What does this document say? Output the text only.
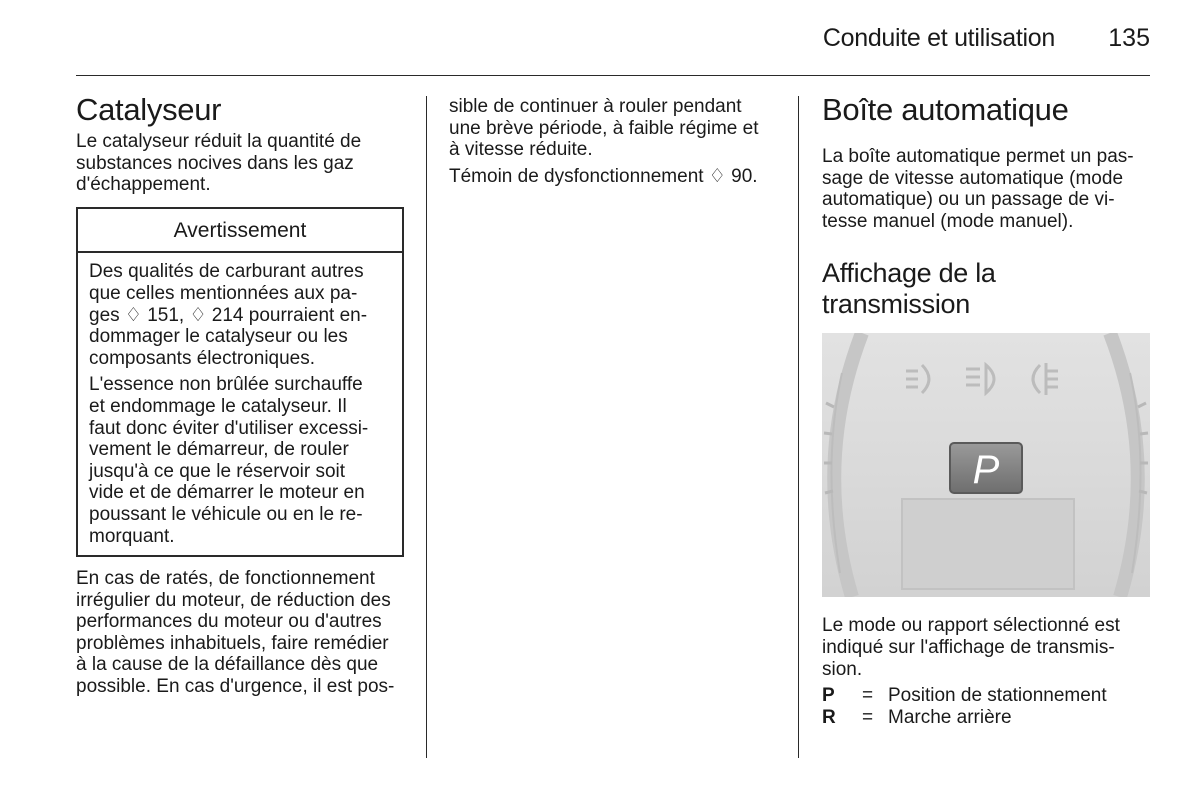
Conduite et utilisation	135
Catalyseur

Le catalyseur réduit la quantité de
substances nocives dans les gaz
d'échappement.

Avertissement

Des qualités de carburant autres
que celles mentionnées aux pa-
ges ♢ 151, ♢ 214 pourraient en-
dommager le catalyseur ou les
composants électroniques.

L'essence non brûlée surchauffe
et endommage le catalyseur. Il
faut donc éviter d'utiliser excessi-
vement le démarreur, de rouler
jusqu'à ce que le réservoir soit
vide et de démarrer le moteur en
poussant le véhicule ou en le re-
morquant.

En cas de ratés, de fonctionnement
irrégulier du moteur, de réduction des
performances du moteur ou d'autres
problèmes inhabituels, faire remédier
à la cause de la défaillance dès que
possible. En cas d'urgence, il est pos-

sible de continuer à rouler pendant
une brève période, à faible régime et
à vitesse réduite.

Témoin de dysfonctionnement ♢ 90.

Boîte automatique

La boîte automatique permet un pas-
sage de vitesse automatique (mode
automatique) ou un passage de vi-
tesse manuel (mode manuel).

Affichage de la
transmission
P

Le mode ou rapport sélectionné est
indiqué sur l'affichage de transmis-
sion.

P	= Position de stationnement
R	= Marche arrière
